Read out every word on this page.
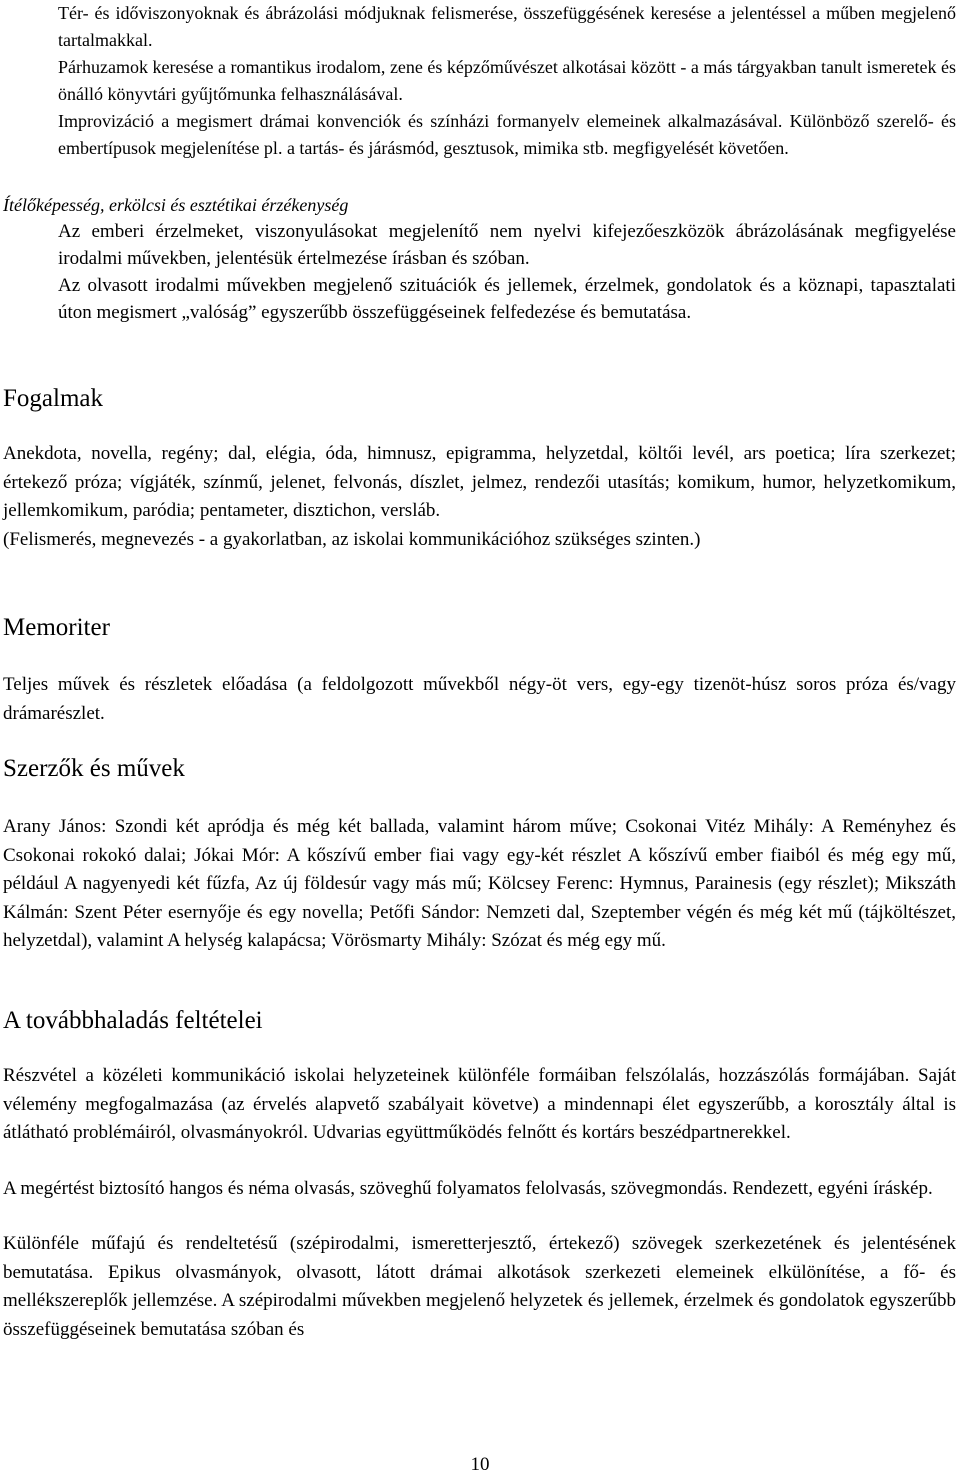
Tér- és időviszonyoknak és ábrázolási módjuknak felismerése, összefüggésének keresése a jelentéssel a műben megjelenő tartalmakkal.

Párhuzamok keresése a romantikus irodalom, zene és képzőművészet alkotásai között - a más tárgyakban tanult ismeretek és önálló könyvtári gyűjtőmunka felhasználásával.

Improvizáció a megismert drámai konvenciók és színházi formanyelv elemeinek alkalmazásával. Különböző szerelő- és embertípusok megjelenítése pl. a tartás- és járásmód, gesztusok, mimika stb. megfigyelését követően.

Ítélőképesség, erkölcsi és esztétikai érzékenység

Az emberi érzelmeket, viszonyulásokat megjelenítő nem nyelvi kifejezőeszközök ábrázolásának megfigyelése irodalmi művekben, jelentésük értelmezése írásban és szóban.

Az olvasott irodalmi művekben megjelenő szituációk és jellemek, érzelmek, gondolatok és a köznapi, tapasztalati úton megismert „valóság” egyszerűbb összefüggéseinek felfedezése és bemutatása.

Fogalmak

Anekdota, novella, regény; dal, elégia, óda, himnusz, epigramma, helyzetdal, költői levél, ars poetica; líra szerkezet; értekező próza; vígjáték, színmű, jelenet, felvonás, díszlet, jelmez, rendezői utasítás; komikum, humor, helyzetkomikum, jellemkomikum, paródia; pentameter, disztichon, versláb.

(Felismerés, megnevezés - a gyakorlatban, az iskolai kommunikációhoz szükséges szinten.)

Memoriter

Teljes művek és részletek előadása (a feldolgozott művekből négy-öt vers, egy-egy tizenöt-húsz soros próza és/vagy drámarészlet.

Szerzők és művek

Arany János: Szondi két apródja és még két ballada, valamint három műve; Csokonai Vitéz Mihály: A Reményhez és Csokonai rokokó dalai; Jókai Mór: A kőszívű ember fiai vagy egy-két részlet A kőszívű ember fiaiból és még egy mű, például A nagyenyedi két fűzfa, Az új földesúr vagy más mű; Kölcsey Ferenc: Hymnus, Parainesis (egy részlet); Mikszáth Kálmán: Szent Péter esernyője és egy novella; Petőfi Sándor: Nemzeti dal, Szeptember végén és még két mű (tájköltészet, helyzetdal), valamint A helység kalapácsa; Vörösmarty Mihály: Szózat és még egy mű.

A továbbhaladás feltételei

Részvétel a közéleti kommunikáció iskolai helyzeteinek különféle formáiban felszólalás, hozzászólás formájában. Saját vélemény megfogalmazása (az érvelés alapvető szabályait követve) a mindennapi élet egyszerűbb, a korosztály által is átlátható problémáiról, olvasmányokról. Udvarias együttműködés felnőtt és kortárs beszédpartnerekkel.

A megértést biztosító hangos és néma olvasás, szöveghű folyamatos felolvasás, szövegmondás. Rendezett, egyéni íráskép.

Különféle műfajú és rendeltetésű (szépirodalmi, ismeretterjesztő, értekező) szövegek szerkezetének és jelentésének bemutatása. Epikus olvasmányok, olvasott, látott drámai alkotások szerkezeti elemeinek elkülönítése, a fő- és mellékszereplők jellemzése. A szépirodalmi művekben megjelenő helyzetek és jellemek, érzelmek és gondolatok egyszerűbb összefüggéseinek bemutatása szóban és

10
